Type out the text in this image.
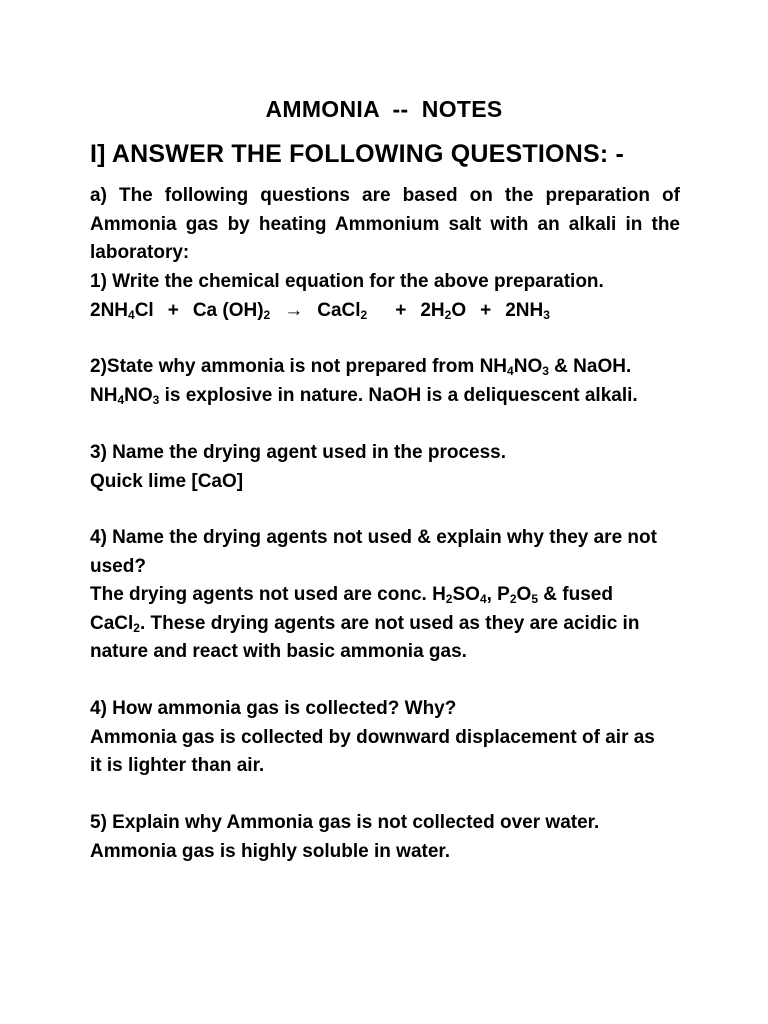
AMMONIA  --  NOTES
I] ANSWER THE FOLLOWING QUESTIONS: -
a) The following questions are based on the preparation of Ammonia gas by heating Ammonium salt with an alkali in the laboratory:
1) Write the chemical equation for the above preparation.
$2NH_4Cl + Ca$ $(OH)_2$ → CaCl$_2$ + $2H_2O + 2NH_3$
2)State why ammonia is not prepared from $NH_4NO_3$ & NaOH.
$NH_4NO_3$ is explosive in nature. NaOH is a deliquescent alkali.
3) Name the drying agent used in the process.
Quick lime [CaO]
4) Name the drying agents not used & explain why they are not used?
The drying agents not used are conc. $H_2SO_4$, $P_2O_5$ & fused
CaCl$_2$. These drying agents are not used as they are acidic in
nature and react with basic ammonia gas.
4) How ammonia gas is collected? Why?
Ammonia gas is collected by downward displacement of air as
it is lighter than air.
5) Explain why Ammonia gas is not collected over water.
Ammonia gas is highly soluble in water.
